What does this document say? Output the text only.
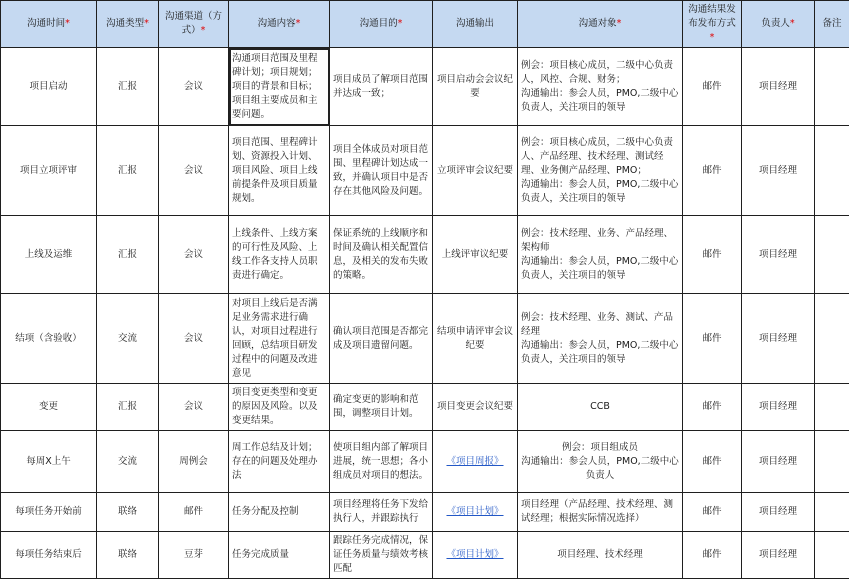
沟通时间*	沟通类型*	沟通渠道（方式）*	沟通内容*	沟通目的*	沟通输出	沟通对象*	沟通结果发布发布方式*	负责人*	备注
项目启动	汇报	会议	沟通项目范围及里程碑计划；项目规划；项目的背景和目标；项目组主要成员和主要问题。	项目成员了解项目范围并达成一致；	项目启动会会议纪要	例会：项目核心成员，二级中心负责人，风控、合规、财务；
沟通输出：参会人员，PMO,二级中心负责人，关注项目的领导	邮件	项目经理	
项目立项评审	汇报	会议	项目范围、里程碑计划、资源投入计划、项目风险、项目上线前提条件及项目质量规划。	项目全体成员对项目范围、里程碑计划达成一致，并确认项目中是否存在其他风险及问题。	立项评审会议纪要	例会：项目核心成员，二级中心负责人、产品经理、技术经理、测试经理、业务侧产品经理、PMO；
沟通输出：参会人员，PMO,二级中心负责人，关注项目的领导	邮件	项目经理	
上线及运维	汇报	会议	上线条件、上线方案的可行性及风险、上线工作各支持人员职责进行确定。	保证系统的上线顺序和时间及确认相关配置信息，及相关的发布失败的策略。	上线评审议纪要	例会：技术经理、业务、产品经理、架构师
沟通输出：参会人员，PMO,二级中心负责人，关注项目的领导	邮件	项目经理	
结项（含验收）	交流	会议	对项目上线后是否满足业务需求进行确认，对项目过程进行回顾，总结项目研发过程中的问题及改进意见	确认项目范围是否都完成及项目遗留问题。	结项申请评审会议纪要	例会：技术经理、业务、测试、产品经理
沟通输出：参会人员，PMO,二级中心负责人，关注项目的领导	邮件	项目经理	
变更	汇报	会议	项目变更类型和变更的原因及风险。以及变更结果。	确定变更的影响和范围，调整项目计划。	项目变更会议纪要	CCB	邮件	项目经理	
每周X上午	交流	周例会	周工作总结及计划；存在的问题及处理办法	使项目组内部了解项目进展，统一思想；各小组成员对项目的想法。	《项目周报》	例会：项目组成员
沟通输出：参会人员，PMO,二级中心负责人	邮件	项目经理	
每项任务开始前	联络	邮件	任务分配及控制	项目经理将任务下发给执行人，并跟踪执行	《项目计划》	项目经理（产品经理、技术经理、测试经理；根据实际情况选择）	邮件	项目经理	
每项任务结束后	联络	豆芽	任务完成质量	跟踪任务完成情况，保证任务质量与绩效考核匹配	《项目计划》	项目经理、技术经理	邮件	项目经理	
